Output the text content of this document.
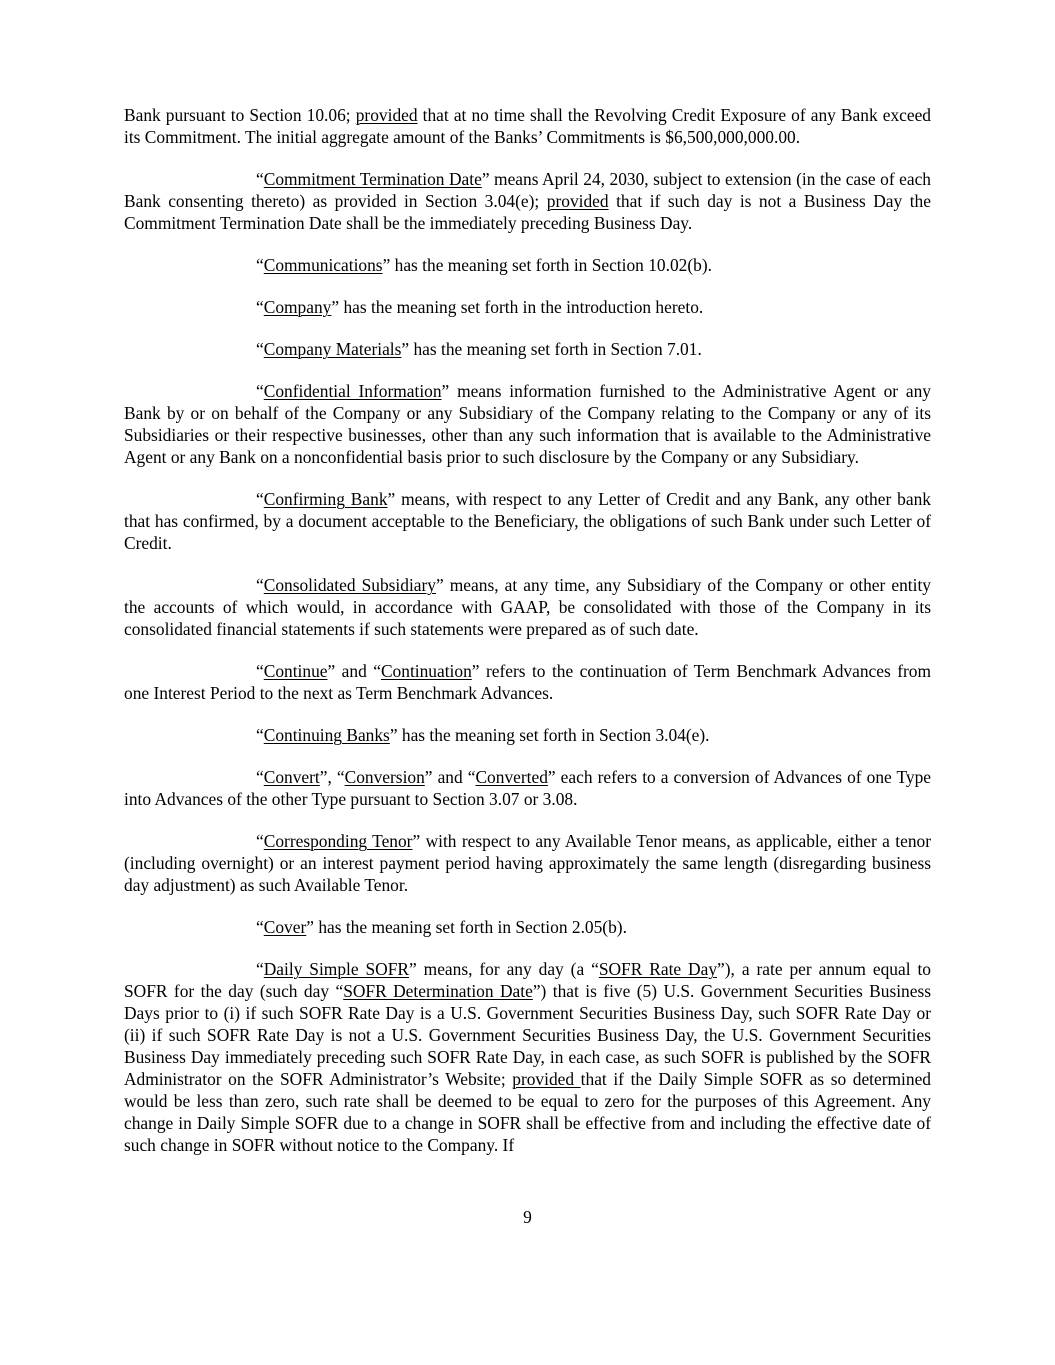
Bank pursuant to Section 10.06; provided that at no time shall the Revolving Credit Exposure of any Bank exceed its Commitment. The initial aggregate amount of the Banks’ Commitments is $6,500,000,000.00.

“Commitment Termination Date” means April 24, 2030, subject to extension (in the case of each Bank consenting thereto) as provided in Section 3.04(e); provided that if such day is not a Business Day the Commitment Termination Date shall be the immediately preceding Business Day.

“Communications” has the meaning set forth in Section 10.02(b).

“Company” has the meaning set forth in the introduction hereto.

“Company Materials” has the meaning set forth in Section 7.01.

“Confidential Information” means information furnished to the Administrative Agent or any Bank by or on behalf of the Company or any Subsidiary of the Company relating to the Company or any of its Subsidiaries or their respective businesses, other than any such information that is available to the Administrative Agent or any Bank on a nonconfidential basis prior to such disclosure by the Company or any Subsidiary.

“Confirming Bank” means, with respect to any Letter of Credit and any Bank, any other bank that has confirmed, by a document acceptable to the Beneficiary, the obligations of such Bank under such Letter of Credit.

“Consolidated Subsidiary” means, at any time, any Subsidiary of the Company or other entity the accounts of which would, in accordance with GAAP, be consolidated with those of the Company in its consolidated financial statements if such statements were prepared as of such date.

“Continue” and “Continuation” refers to the continuation of Term Benchmark Advances from one Interest Period to the next as Term Benchmark Advances.

“Continuing Banks” has the meaning set forth in Section 3.04(e).

“Convert”, “Conversion” and “Converted” each refers to a conversion of Advances of one Type into Advances of the other Type pursuant to Section 3.07 or 3.08.

“Corresponding Tenor” with respect to any Available Tenor means, as applicable, either a tenor (including overnight) or an interest payment period having approximately the same length (disregarding business day adjustment) as such Available Tenor.

“Cover” has the meaning set forth in Section 2.05(b).

“Daily Simple SOFR” means, for any day (a “SOFR Rate Day”), a rate per annum equal to SOFR for the day (such day “SOFR Determination Date”) that is five (5) U.S. Government Securities Business Days prior to (i) if such SOFR Rate Day is a U.S. Government Securities Business Day, such SOFR Rate Day or (ii) if such SOFR Rate Day is not a U.S. Government Securities Business Day, the U.S. Government Securities Business Day immediately preceding such SOFR Rate Day, in each case, as such SOFR is published by the SOFR Administrator on the SOFR Administrator’s Website; provided that if the Daily Simple SOFR as so determined would be less than zero, such rate shall be deemed to be equal to zero for the purposes of this Agreement. Any change in Daily Simple SOFR due to a change in SOFR shall be effective from and including the effective date of such change in SOFR without notice to the Company. If

9
